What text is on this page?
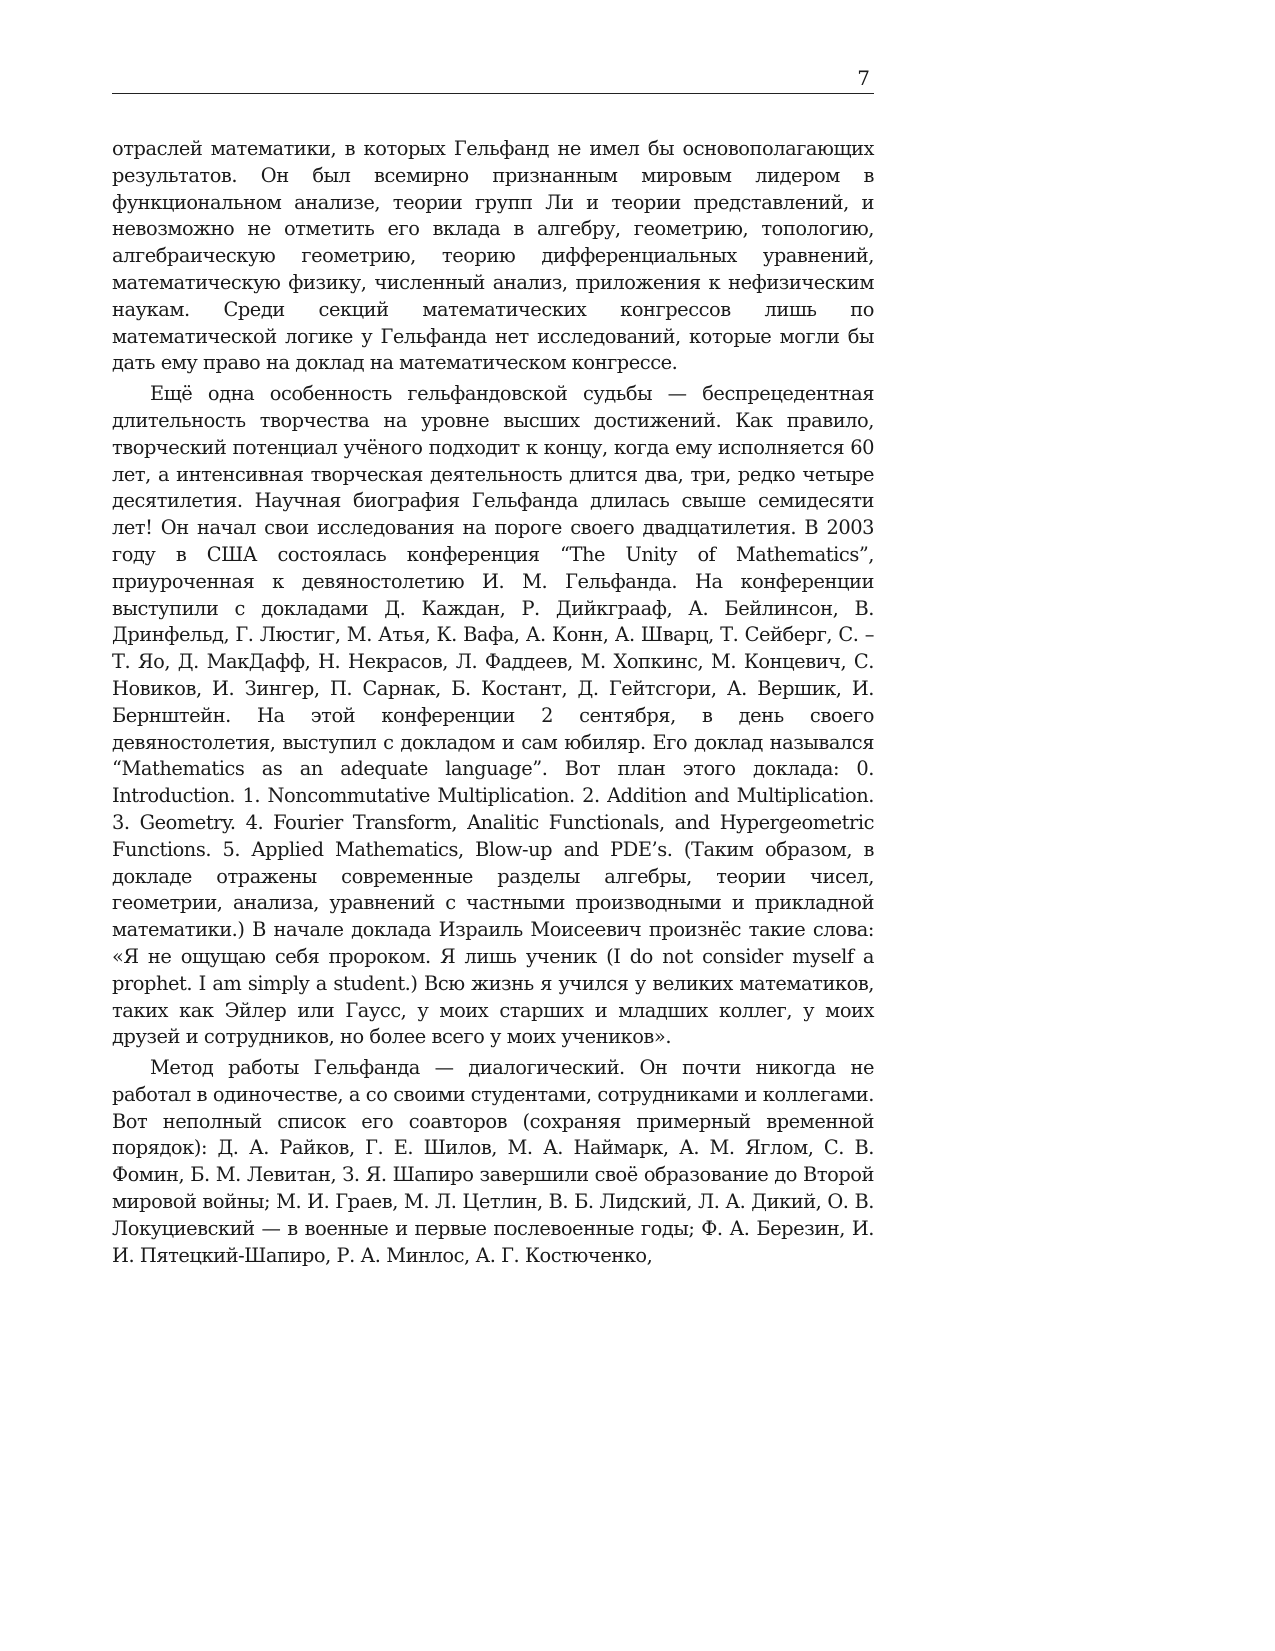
7

отраслей математики, в которых Гельфанд не имел бы основополагающих результатов. Он был всемирно признанным мировым лидером в функциональном анализе, теории групп Ли и теории представлений, и невозможно не отметить его вклада в алгебру, геометрию, топологию, алгебраическую геометрию, теорию дифференциальных уравнений, математическую физику, численный анализ, приложения к нефизическим наукам. Среди секций математических конгрессов лишь по математической логике у Гельфанда нет исследований, которые могли бы дать ему право на доклад на математическом конгрессе.

Ещё одна особенность гельфандовской судьбы — беспрецедентная длительность творчества на уровне высших достижений. Как правило, творческий потенциал учёного подходит к концу, когда ему исполняется 60 лет, а интенсивная творческая деятельность длится два, три, редко четыре десятилетия. Научная биография Гельфанда длилась свыше семидесяти лет! Он начал свои исследования на пороге своего двадцатилетия. В 2003 году в США состоялась конференция “The Unity of Mathematics”, приуроченная к девяностолетию И. М. Гельфанда. На конференции выступили с докладами Д. Каждан, Р. Дийкграаф, А. Бейлинсон, В. Дринфельд, Г. Люстиг, М. Атья, К. Вафа, А. Конн, А. Шварц, Т. Сейберг, С. – Т. Яо, Д. МакДафф, Н. Некрасов, Л. Фаддеев, М. Хопкинс, М. Концевич, С. Новиков, И. Зингер, П. Сарнак, Б. Костант, Д. Гейтсгори, А. Вершик, И. Бернштейн. На этой конференции 2 сентября, в день своего девяностолетия, выступил с докладом и сам юбиляр. Его доклад назывался “Mathematics as an adequate language”. Вот план этого доклада: 0. Introduction. 1. Noncommutative Multiplication. 2. Addition and Multiplication. 3. Geometry. 4. Fourier Transform, Analitic Functionals, and Hypergeometric Functions. 5. Applied Mathematics, Blow-up and PDE’s. (Таким образом, в докладе отражены современные разделы алгебры, теории чисел, геометрии, анализа, уравнений с частными производными и прикладной математики.) В начале доклада Израиль Моисеевич произнёс такие слова: «Я не ощущаю себя пророком. Я лишь ученик (I do not consider myself a prophet. I am simply a student.) Всю жизнь я учился у великих математиков, таких как Эйлер или Гаусс, у моих старших и младших коллег, у моих друзей и сотрудников, но более всего у моих учеников».

Метод работы Гельфанда — диалогический. Он почти никогда не работал в одиночестве, а со своими студентами, сотрудниками и коллегами. Вот неполный список его соавторов (сохраняя примерный временной порядок): Д. А. Райков, Г. Е. Шилов, М. А. Наймарк, А. М. Яглом, С. В. Фомин, Б. М. Левитан, З. Я. Шапиро завершили своё образование до Второй мировой войны; М. И. Граев, М. Л. Цетлин, В. Б. Лидский, Л. А. Дикий, О. В. Локуциевский — в военные и первые послевоенные годы; Ф. А. Березин, И. И. Пятецкий-Шапиро, Р. А. Минлос, А. Г. Костюченко,
